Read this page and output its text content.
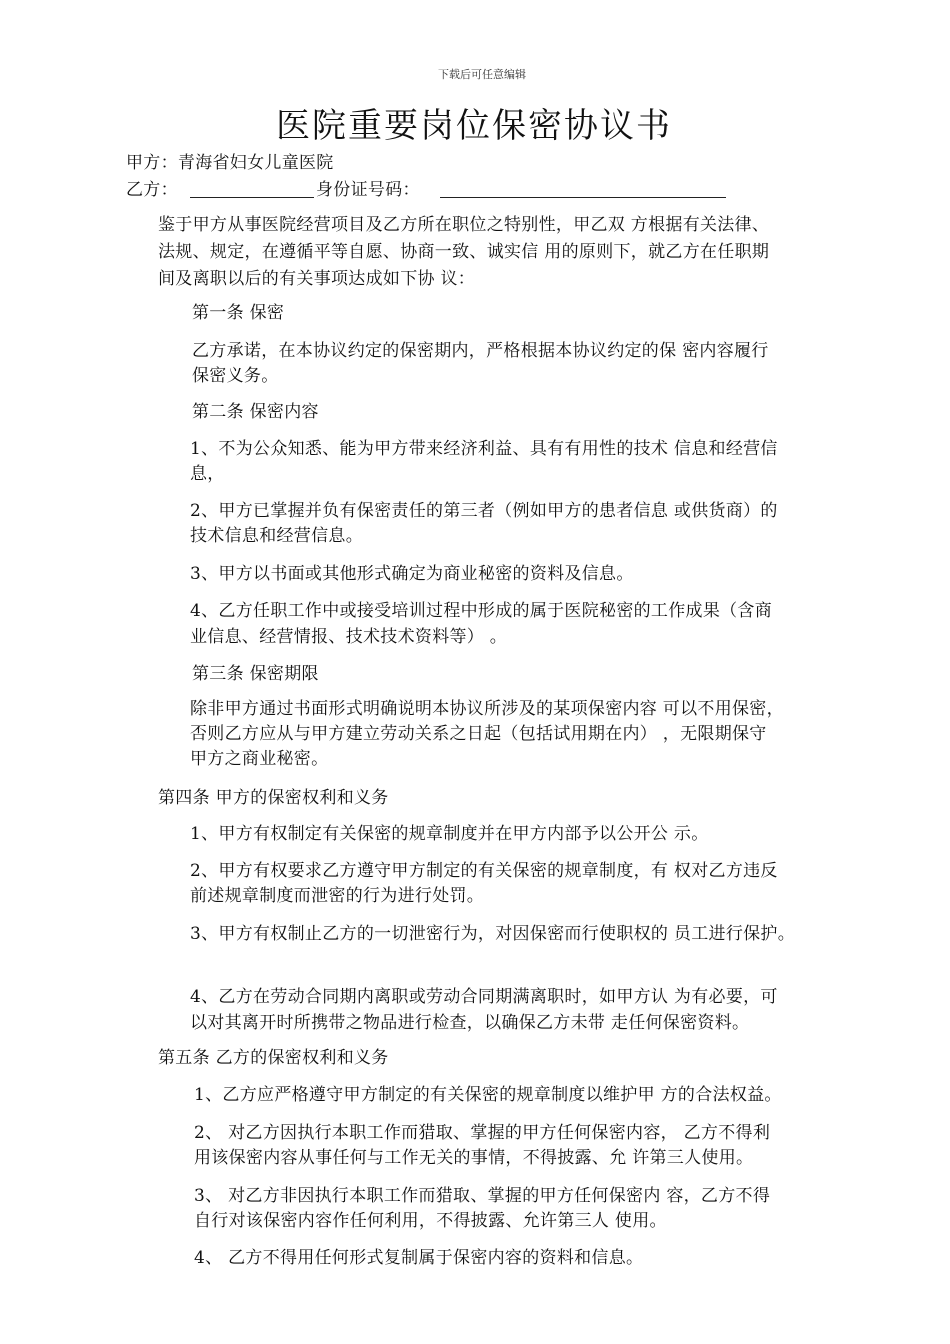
下载后可任意编辑
医院重要岗位保密协议书
甲方：青海省妇女儿童医院
乙方：	身份证号码：
鉴于甲方从事医院经营项目及乙方所在职位之特别性，甲乙双 方根据有关法律、
法规、规定，在遵循平等自愿、协商一致、诚实信 用的原则下，就乙方在任职期
间及离职以后的有关事项达成如下协 议：
第一条 保密
乙方承诺，在本协议约定的保密期内，严格根据本协议约定的保 密内容履行
保密义务。
第二条 保密内容
1、不为公众知悉、能为甲方带来经济利益、具有有用性的技术 信息和经营信
息，
2、甲方已掌握并负有保密责任的第三者（例如甲方的患者信息 或供货商）的
技术信息和经营信息。
3、甲方以书面或其他形式确定为商业秘密的资料及信息。
4、乙方任职工作中或接受培训过程中形成的属于医院秘密的工作成果（含商
业信息、经营情报、技术技术资料等） 。
第三条 保密期限
除非甲方通过书面形式明确说明本协议所涉及的某项保密内容 可以不用保密，
否则乙方应从与甲方建立劳动关系之日起（包括试用期在内） ，无限期保守
甲方之商业秘密。
第四条 甲方的保密权利和义务
1、甲方有权制定有关保密的规章制度并在甲方内部予以公开公 示。
2、甲方有权要求乙方遵守甲方制定的有关保密的规章制度，有 权对乙方违反
前述规章制度而泄密的行为进行处罚。
3、甲方有权制止乙方的一切泄密行为，对因保密而行使职权的 员工进行保护。
4、乙方在劳动合同期内离职或劳动合同期满离职时，如甲方认 为有必要，可
以对其离开时所携带之物品进行检查，以确保乙方未带 走任何保密资料。
第五条 乙方的保密权利和义务
1、乙方应严格遵守甲方制定的有关保密的规章制度以维护甲 方的合法权益。
2、 对乙方因执行本职工作而猎取、掌握的甲方任何保密内容， 乙方不得利
用该保密内容从事任何与工作无关的事情，不得披露、允 许第三人使用。
3、 对乙方非因执行本职工作而猎取、掌握的甲方任何保密内 容，乙方不得
自行对该保密内容作任何利用，不得披露、允许第三人 使用。
4、 乙方不得用任何形式复制属于保密内容的资料和信息。
